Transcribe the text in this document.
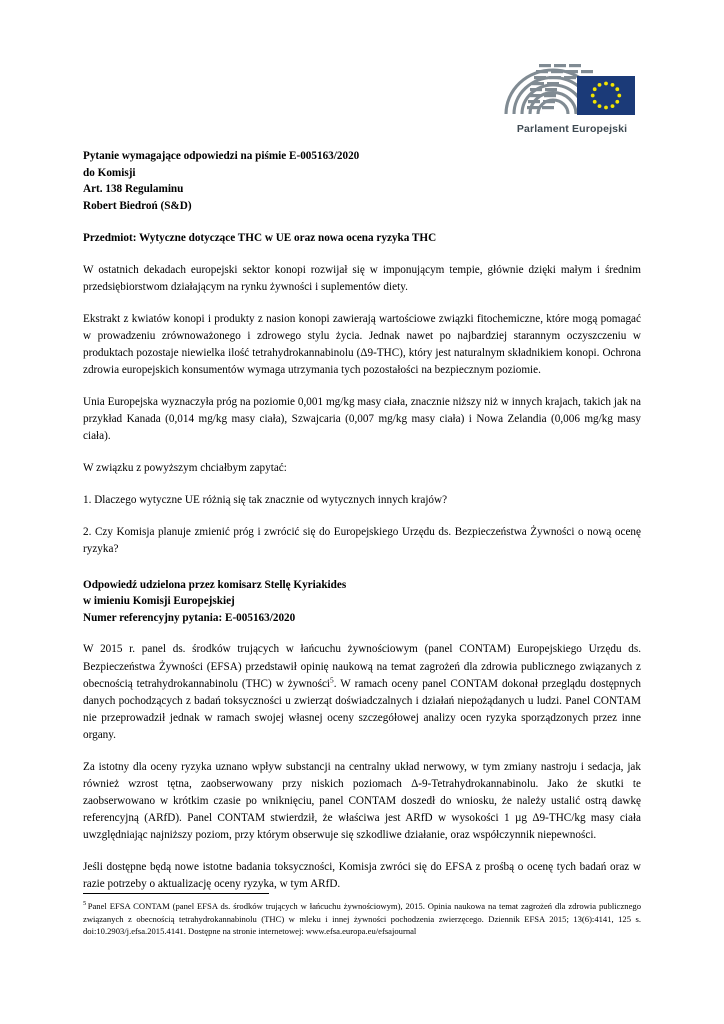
Parlament Europejski
Pytanie wymagające odpowiedzi na piśmie E-005163/2020
do Komisji
Art. 138 Regulaminu
Robert Biedroń (S&D)
Przedmiot: Wytyczne dotyczące THC w UE oraz nowa ocena ryzyka THC

W ostatnich dekadach europejski sektor konopi rozwijał się w imponującym tempie, głównie dzięki małym i średnim przedsiębiorstwom działającym na rynku żywności i suplementów diety.

Ekstrakt z kwiatów konopi i produkty z nasion konopi zawierają wartościowe związki fitochemiczne, które mogą pomagać w prowadzeniu zrównoważonego i zdrowego stylu życia. Jednak nawet po najbardziej starannym oczyszczeniu w produktach pozostaje niewielka ilość tetrahydrokannabinolu (Δ9-THC), który jest naturalnym składnikiem konopi. Ochrona zdrowia europejskich konsumentów wymaga utrzymania tych pozostałości na bezpiecznym poziomie.

Unia Europejska wyznaczyła próg na poziomie 0,001 mg/kg masy ciała, znacznie niższy niż w innych krajach, takich jak na przykład Kanada (0,014 mg/kg masy ciała), Szwajcaria (0,007 mg/kg masy ciała) i Nowa Zelandia (0,006 mg/kg masy ciała).

W związku z powyższym chciałbym zapytać:

1. Dlaczego wytyczne UE różnią się tak znacznie od wytycznych innych krajów?

2. Czy Komisja planuje zmienić próg i zwrócić się do Europejskiego Urzędu ds. Bezpieczeństwa Żywności o nową ocenę ryzyka?

Odpowiedź udzielona przez komisarz Stellę Kyriakides
w imieniu Komisji Europejskiej
Numer referencyjny pytania: E-005163/2020

W 2015 r. panel ds. środków trujących w łańcuchu żywnościowym (panel CONTAM) Europejskiego Urzędu ds. Bezpieczeństwa Żywności (EFSA) przedstawił opinię naukową na temat zagrożeń dla zdrowia publicznego związanych z obecnością tetrahydrokannabinolu (THC) w żywności$^5$. W ramach oceny panel CONTAM dokonał przeglądu dostępnych danych pochodzących z badań toksyczności u zwierząt doświadczalnych i działań niepożądanych u ludzi. Panel CONTAM nie przeprowadził jednak w ramach swojej własnej oceny szczegółowej analizy ocen ryzyka sporządzonych przez inne organy.

Za istotny dla oceny ryzyka uznano wpływ substancji na centralny układ nerwowy, w tym zmiany nastroju i sedacja, jak również wzrost tętna, zaobserwowany przy niskich poziomach Δ-9-Tetrahydrokannabinolu. Jako że skutki te zaobserwowano w krótkim czasie po wniknięciu, panel CONTAM doszedł do wniosku, że należy ustalić ostrą dawkę referencyjną (ARfD). Panel CONTAM stwierdził, że właściwa jest ARfD w wysokości 1 µg Δ9-THC/kg masy ciała uwzględniając najniższy poziom, przy którym obserwuje się szkodliwe działanie, oraz współczynnik niepewności.

Jeśli dostępne będą nowe istotne badania toksyczności, Komisja zwróci się do EFSA z prośbą o ocenę tych badań oraz w razie potrzeby o aktualizację oceny ryzyka, w tym ARfD.

$^5$ Panel EFSA CONTAM (panel EFSA ds. środków trujących w łańcuchu żywnościowym), 2015. Opinia naukowa na temat zagrożeń dla zdrowia publicznego związanych z obecnością tetrahydrokannabinolu (THC) w mleku i innej żywności pochodzenia zwierzęcego. Dziennik EFSA 2015; 13(6):4141, 125 s. doi:10.2903/j.efsa.2015.4141. Dostępne na stronie internetowej: www.efsa.europa.eu/efsajournal
